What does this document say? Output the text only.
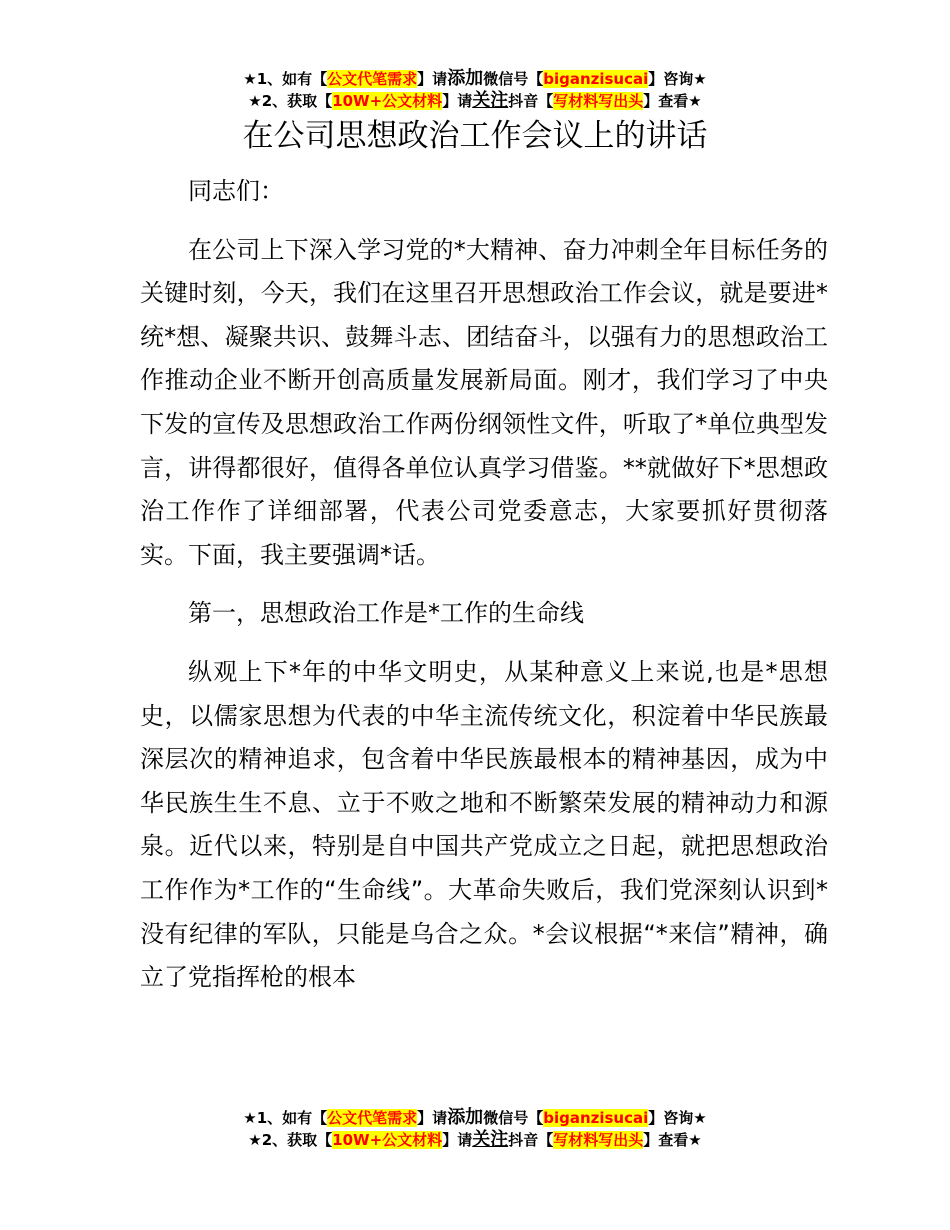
★1、如有【公文代笔需求】请添加微信号【biganzisucai】咨询★
★2、获取【10W+公文材料】请关注抖音【写材料写出头】查看★
在公司思想政治工作会议上的讲话

同志们：

在公司上下深入学习党的*大精神、奋力冲刺全年目标任务的关键时刻，今天，我们在这里召开思想政治工作会议，就是要进*统*想、凝聚共识、鼓舞斗志、团结奋斗，以强有力的思想政治工作推动企业不断开创高质量发展新局面。刚才，我们学习了中央下发的宣传及思想政治工作两份纲领性文件，听取了*单位典型发言，讲得都很好，值得各单位认真学习借鉴。**就做好下*思想政治工作作了详细部署，代表公司党委意志，大家要抓好贯彻落实。下面，我主要强调*话。

第一，思想政治工作是*工作的生命线

纵观上下*年的中华文明史，从某种意义上来说,也是*思想史，以儒家思想为代表的中华主流传统文化，积淀着中华民族最深层次的精神追求，包含着中华民族最根本的精神基因，成为中华民族生生不息、立于不败之地和不断繁荣发展的精神动力和源泉。近代以来，特别是自中国共产党成立之日起，就把思想政治工作作为*工作的“生命线”。大革命失败后，我们党深刻认识到*没有纪律的军队，只能是乌合之众。*会议根据“*来信”精神，确立了党指挥枪的根本

★1、如有【公文代笔需求】请添加微信号【biganzisucai】咨询★
★2、获取【10W+公文材料】请关注抖音【写材料写出头】查看★
